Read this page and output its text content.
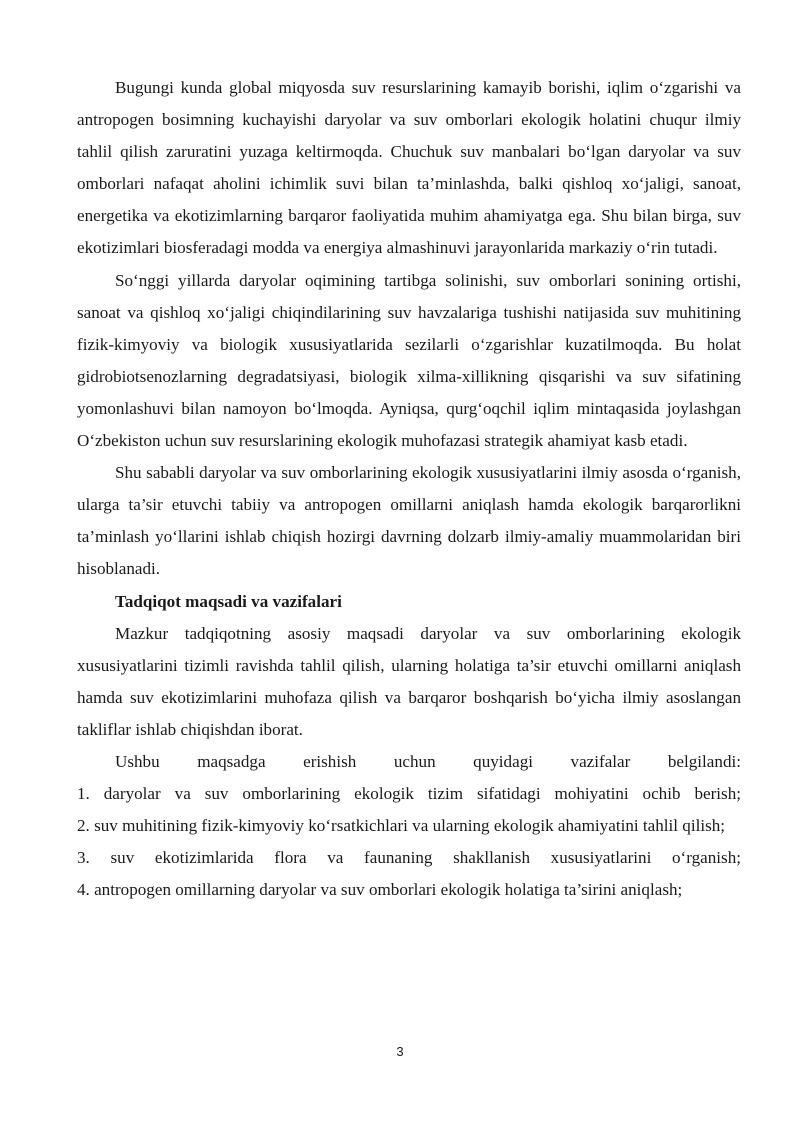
Bugungi kunda global miqyosda suv resurslarining kamayib borishi, iqlim o‘zgarishi va antropogen bosimning kuchayishi daryolar va suv omborlari ekologik holatini chuqur ilmiy tahlil qilish zaruratini yuzaga keltirmoqda. Chuchuk suv manbalari bo‘lgan daryolar va suv omborlari nafaqat aholini ichimlik suvi bilan ta’minlashda, balki qishloq xo‘jaligi, sanoat, energetika va ekotizimlarning barqaror faoliyatida muhim ahamiyatga ega. Shu bilan birga, suv ekotizimlari biosferadagi modda va energiya almashinuvi jarayonlarida markaziy o‘rin tutadi.

So‘nggi yillarda daryolar oqimining tartibga solinishi, suv omborlari sonining ortishi, sanoat va qishloq xo‘jaligi chiqindilarining suv havzalariga tushishi natijasida suv muhitining fizik-kimyoviy va biologik xususiyatlarida sezilarli o‘zgarishlar kuzatilmoqda. Bu holat gidrobiotsenozlarning degradatsiyasi, biologik xilma-xillikning qisqarishi va suv sifatining yomonlashuvi bilan namoyon bo‘lmoqda. Ayniqsa, qurg‘oqchil iqlim mintaqasida joylashgan O‘zbekiston uchun suv resurslarining ekologik muhofazasi strategik ahamiyat kasb etadi.

Shu sababli daryolar va suv omborlarining ekologik xususiyatlarini ilmiy asosda o‘rganish, ularga ta’sir etuvchi tabiiy va antropogen omillarni aniqlash hamda ekologik barqarorlikni ta’minlash yo‘llarini ishlab chiqish hozirgi davrning dolzarb ilmiy-amaliy muammolaridan biri hisoblanadi.

Tadqiqot maqsadi va vazifalari

Mazkur tadqiqotning asosiy maqsadi daryolar va suv omborlarining ekologik xususiyatlarini tizimli ravishda tahlil qilish, ularning holatiga ta’sir etuvchi omillarni aniqlash hamda suv ekotizimlarini muhofaza qilish va barqaror boshqarish bo‘yicha ilmiy asoslangan takliflar ishlab chiqishdan iborat.

Ushbu maqsadga erishish uchun quyidagi vazifalar belgilandi:

1. daryolar va suv omborlarining ekologik tizim sifatidagi mohiyatini ochib berish;

2. suv muhitining fizik-kimyoviy ko‘rsatkichlari va ularning ekologik ahamiyatini tahlil qilish;

3. suv ekotizimlarida flora va faunaning shakllanish xususiyatlarini o‘rganish;

4. antropogen omillarning daryolar va suv omborlari ekologik holatiga ta’sirini aniqlash;

3
